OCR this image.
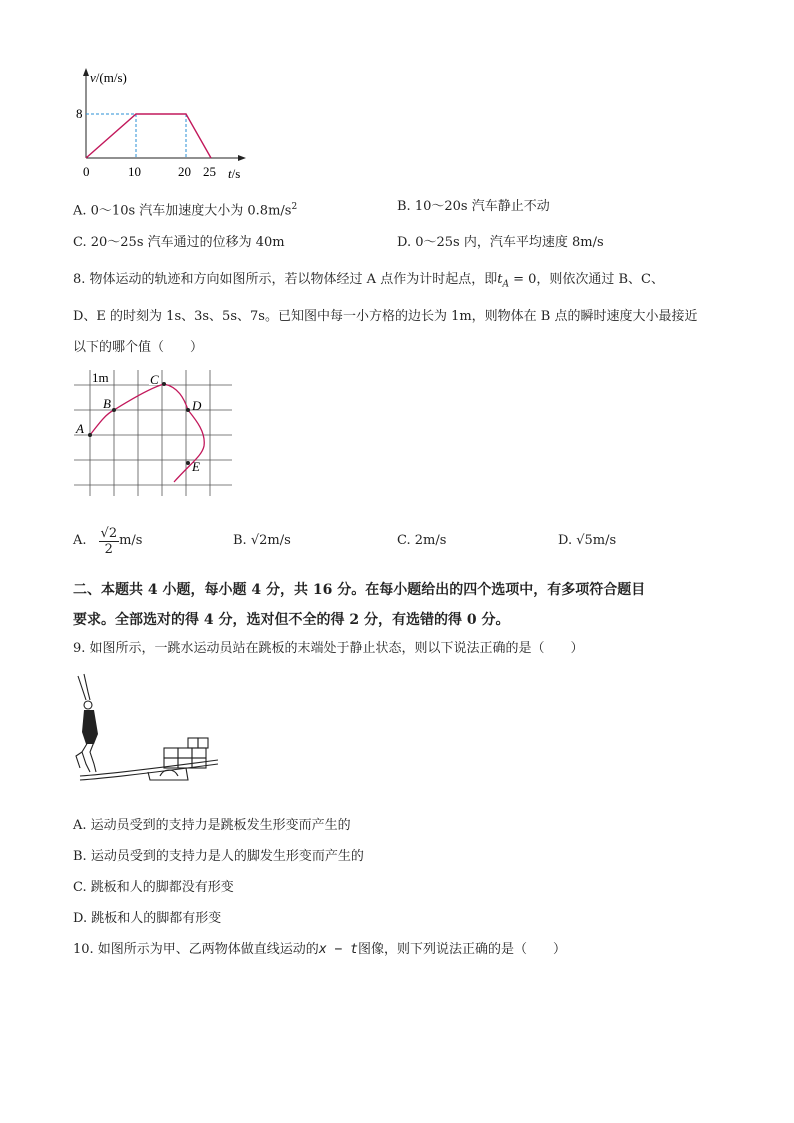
v/(m/s)
8
0	10	20 25 t/s
A. 0～10s 汽车加速度大小为 $0.8m/s^2$	B. 10～20s 汽车静止不动
C. 20～25s 汽车通过的位移为 40m	D. 0～25s 内，汽车平均速度 8m/s
8. 物体运动的轨迹和方向如图所示，若以物体经过 A 点作为计时起点，即$t_A = 0$，则依次通过 B、C、
D、E 的时刻为 1s、3s、5s、7s。已知图中每一小方格的边长为 1m，则物体在 B 点的瞬时速度大小最接近
以下的哪个值（　　）
1m
A
B
C
D
E
A. $\frac{√2}{2} m/s$	B. √2m/s	C. 2m/s	D. √5m/s
二、本题共 4 小题，每小题 4 分，共 16 分。在每小题给出的四个选项中，有多项符合题目
要求。全部选对的得 4 分，选对但不全的得 2 分，有选错的得 0 分。
9. 如图所示，一跳水运动员站在跳板的末端处于静止状态，则以下说法正确的是（　　）
A. 运动员受到的支持力是跳板发生形变而产生的
B. 运动员受到的支持力是人的脚发生形变而产生的
C. 跳板和人的脚都没有形变
D. 跳板和人的脚都有形变
10. 如图所示为甲、乙两物体做直线运动的x − t图像，则下列说法正确的是（　　）
